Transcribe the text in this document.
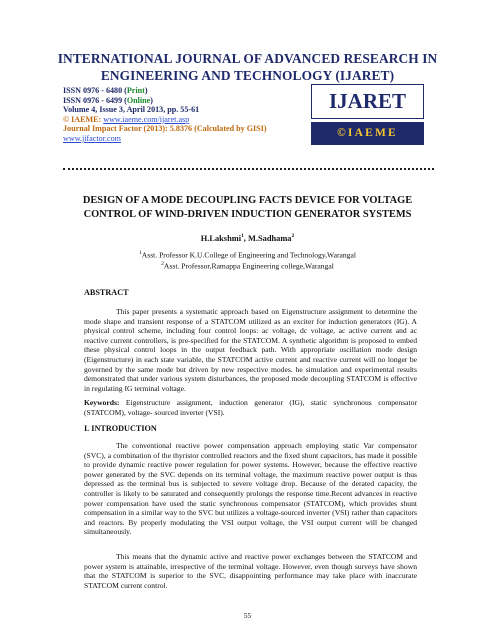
INTERNATIONAL JOURNAL OF ADVANCED RESEARCH IN ENGINEERING AND TECHNOLOGY (IJARET)
ISSN 0976 - 6480 (Print)
ISSN 0976 - 6499 (Online)
Volume 4, Issue 3, April 2013, pp. 55-61
© IAEME: www.iaeme.com/ijaret.asp
Journal Impact Factor (2013): 5.8376 (Calculated by GISI)
www.jifactor.com
IJARET
©IAEME
DESIGN OF A MODE DECOUPLING FACTS DEVICE FOR VOLTAGE CONTROL OF WIND-DRIVEN INDUCTION GENERATOR SYSTEMS
H.Lakshmi$^1$, M.Sadhama$^2$
$^1$Asst. Professor K.U.College of Engineering and Technology,Warangal
$^2$Asst. Professor,Ramappa Engineering college,Warangal
ABSTRACT
This paper presents a systematic approach based on Eigenstructure assignment to determine the mode shape and transient response of a STATCOM utilized as an exciter for induction generators (IG). A physical control scheme, including four control loops: ac voltage, dc voltage, ac active current and ac reactive current controllers, is pre-specified for the STATCOM. A synthetic algorithm is proposed to embed these physical control loops in the output feedback path. With appropriate oscillation mode design (Eigenstructure) in each state variable, the STATCOM active current and reactive current will no longer be governed by the same mode but driven by new respective modes. he simulation and experimental results demonstrated that under various system disturbances, the proposed mode decoupling STATCOM is effective in regulating IG terminal voltage.
Keywords: Eigenstructure assignment, induction generator (IG), static synchronous compensator (STATCOM), voltage- sourced inverter (VSI).
I. INTRODUCTION
The conventional reactive power compensation approach employing static Var compensator (SVC), a combination of the thyristor controlled reactors and the fixed shunt capacitors, has made it possible to provide dynamic reactive power regulation for power systems. However, because the effective reactive power generated by the SVC depends on its terminal voltage, the maximum reactive power output is thus depressed as the terminal bus is subjected to severe voltage drop. Because of the derated capacity, the controller is likely to be saturated and consequently prolongs the response time.Recent advances in reactive power compensation have used the static synchronous compensator (STATCOM), which provides shunt compensation in a similar way to the SVC but utilizes a voltage-sourced inverter (VSI) rather than capacitors and reactors. By properly modulating the VSI output voltage, the VSI output current will be changed simultaneously.
This means that the dynamic active and reactive power exchanges between the STATCOM and power system is attainable, irrespective of the terminal voltage. However, even though surveys have shown that the STATCOM is superior to the SVC, disappointing performance may take place with inaccurate STATCOM current control.
55
